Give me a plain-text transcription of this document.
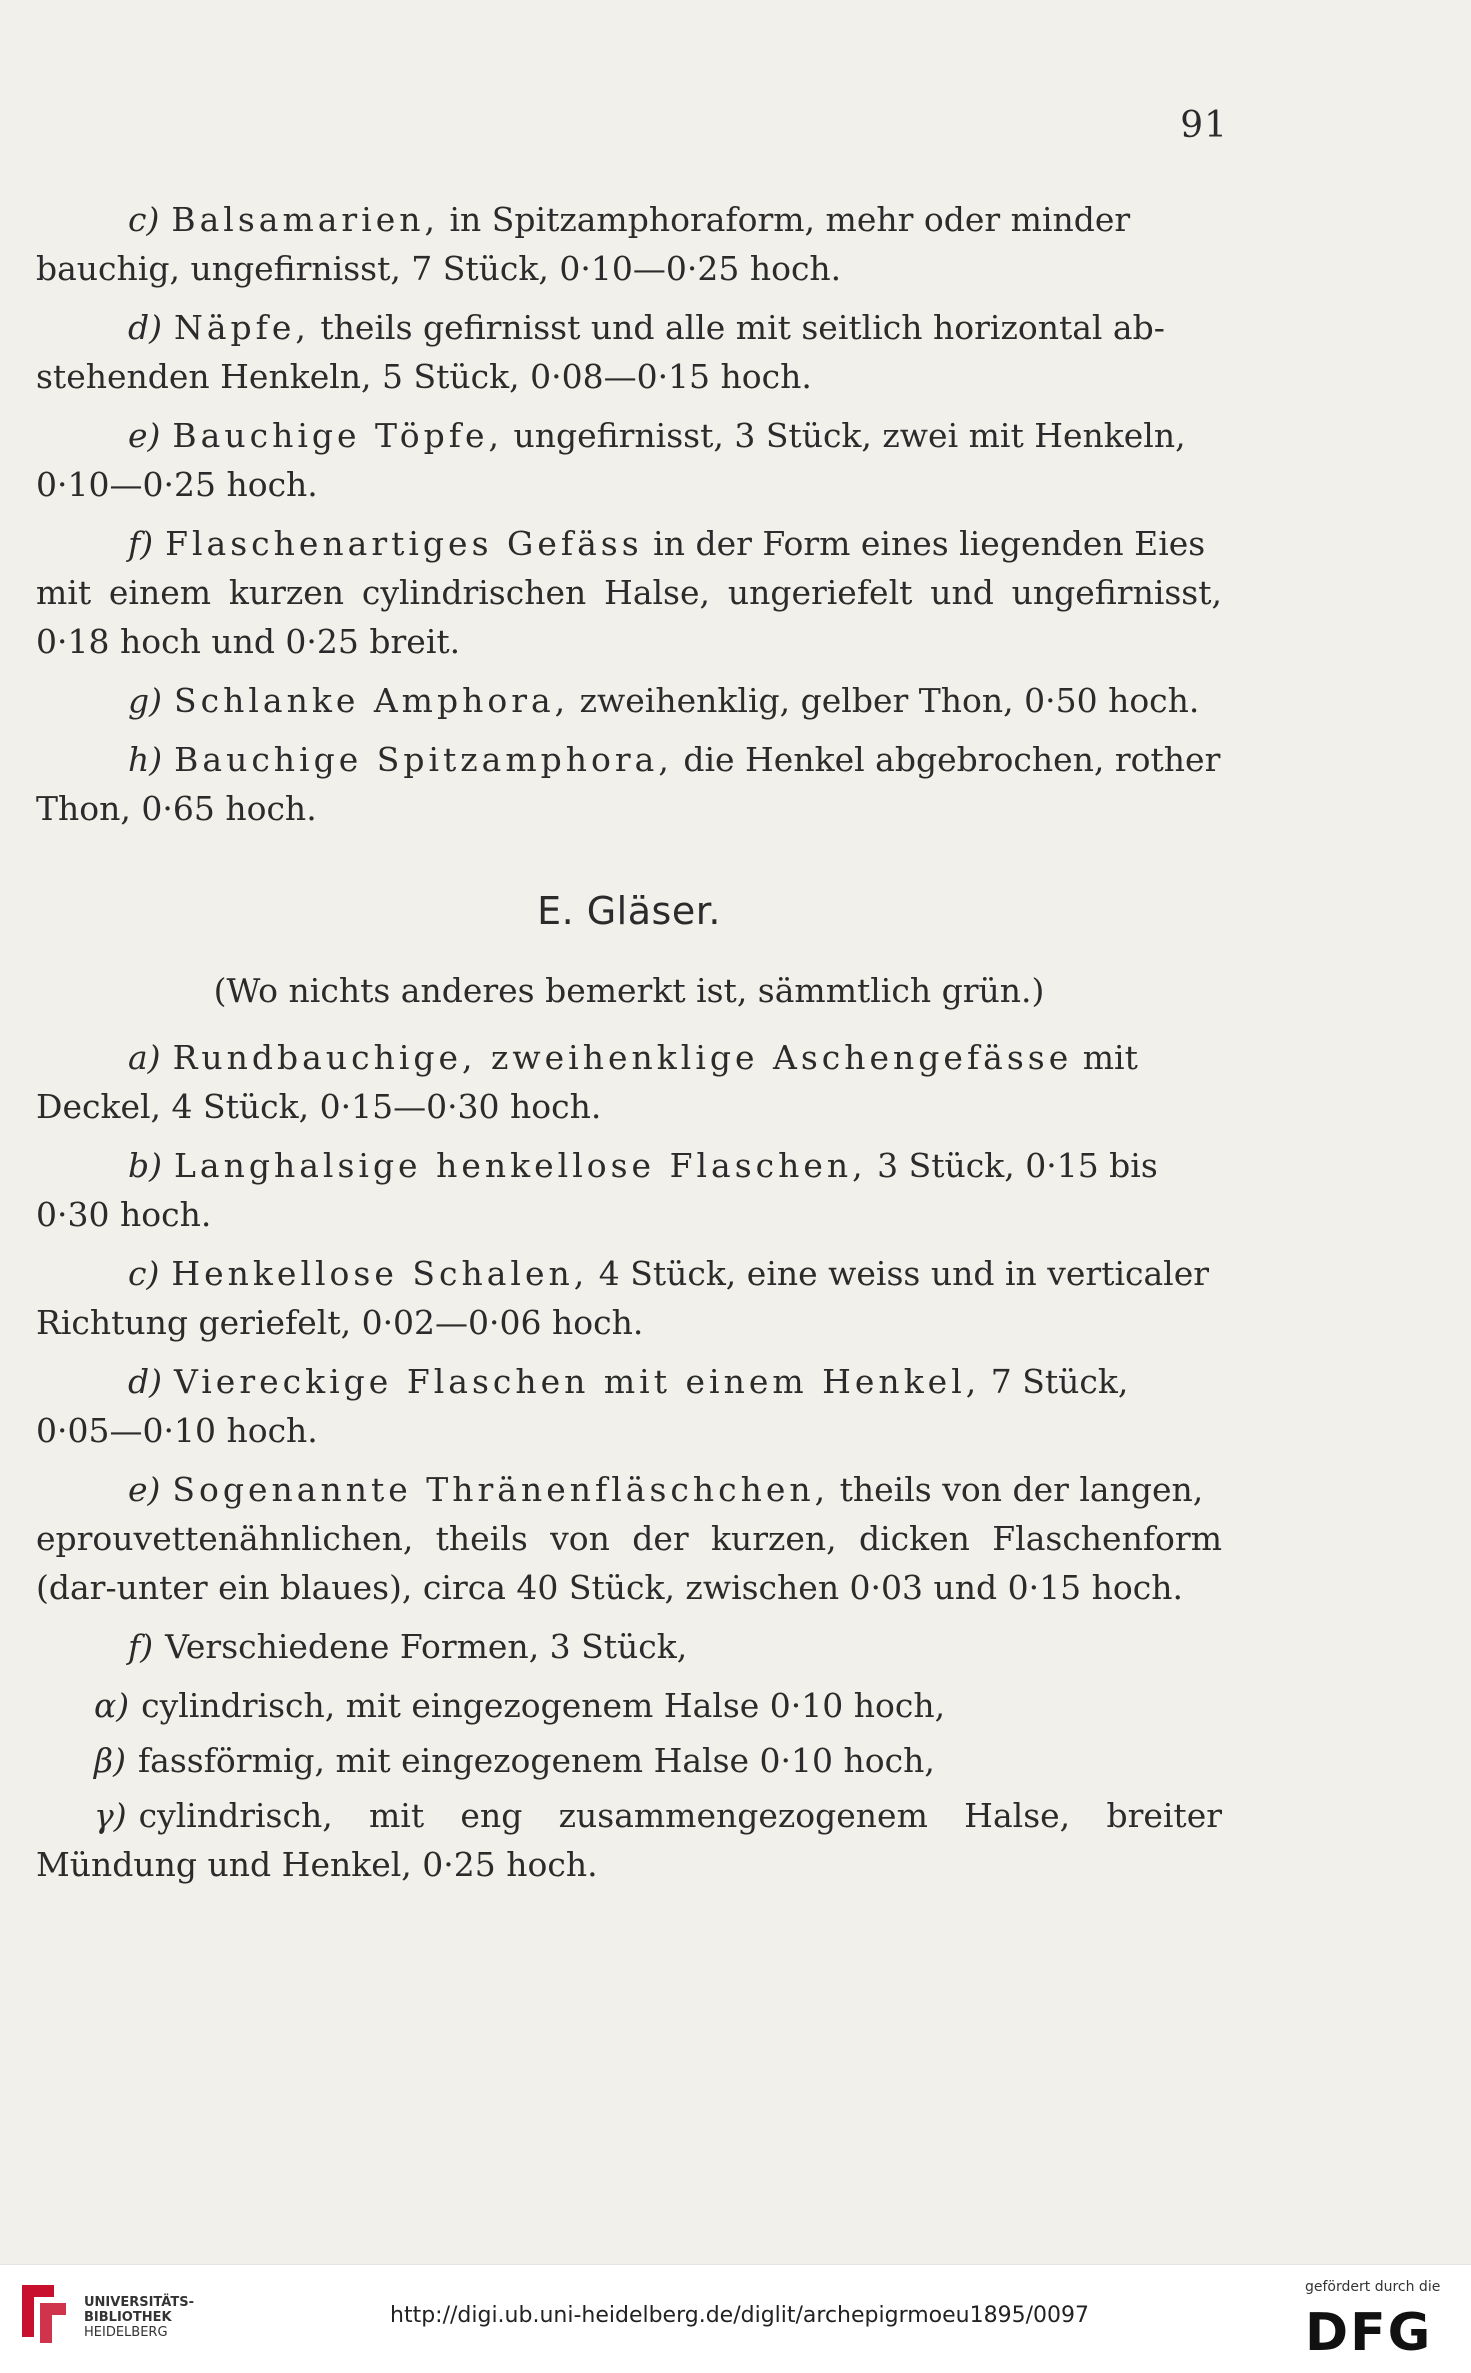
91
c) Balsamarien, in Spitzamphoraform, mehr oder minder
bauchig, ungefirnisst, 7 Stück, 0·10—0·25 hoch.
d) Näpfe, theils gefirnisst und alle mit seitlich horizontal ab-
stehenden Henkeln, 5 Stück, 0·08—0·15 hoch.
e) Bauchige Töpfe, ungefirnisst, 3 Stück, zwei mit Henkeln,
0·10—0·25 hoch.
f) Flaschenartiges Gefäss in der Form eines liegenden Eies
mit einem kurzen cylindrischen Halse, ungeriefelt und ungefirnisst, 0·18 hoch und 0·25 breit.
g) Schlanke Amphora, zweihenklig, gelber Thon, 0·50 hoch.
h) Bauchige Spitzamphora, die Henkel abgebrochen, rother
Thon, 0·65 hoch.
E. Gläser.
(Wo nichts anderes bemerkt ist, sämmtlich grün.)
a) Rundbauchige, zweihenklige Aschengefässe mit
Deckel, 4 Stück, 0·15—0·30 hoch.
b) Langhalsige henkellose Flaschen, 3 Stück, 0·15 bis
0·30 hoch.
c) Henkellose Schalen, 4 Stück, eine weiss und in verticaler
Richtung geriefelt, 0·02—0·06 hoch.
d) Viereckige Flaschen mit einem Henkel, 7 Stück,
0·05—0·10 hoch.
e) Sogenannte Thränenfläschchen, theils von der langen,
eprouvettenähnlichen, theils von der kurzen, dicken Flaschenform (dar-unter ein blaues), circa 40 Stück, zwischen 0·03 und 0·15 hoch.
f) Verschiedene Formen, 3 Stück,
α) cylindrisch, mit eingezogenem Halse 0·10 hoch,
β) fassförmig, mit eingezogenem Halse 0·10 hoch,
γ) cylindrisch, mit eng zusammengezogenem Halse, breiter Mündung und Henkel, 0·25 hoch.
UNIVERSITÄTS-
BIBLIOTHEK
HEIDELBERG
http://digi.ub.uni-heidelberg.de/diglit/archepigrmoeu1895/0097
gefördert durch die
DFG
